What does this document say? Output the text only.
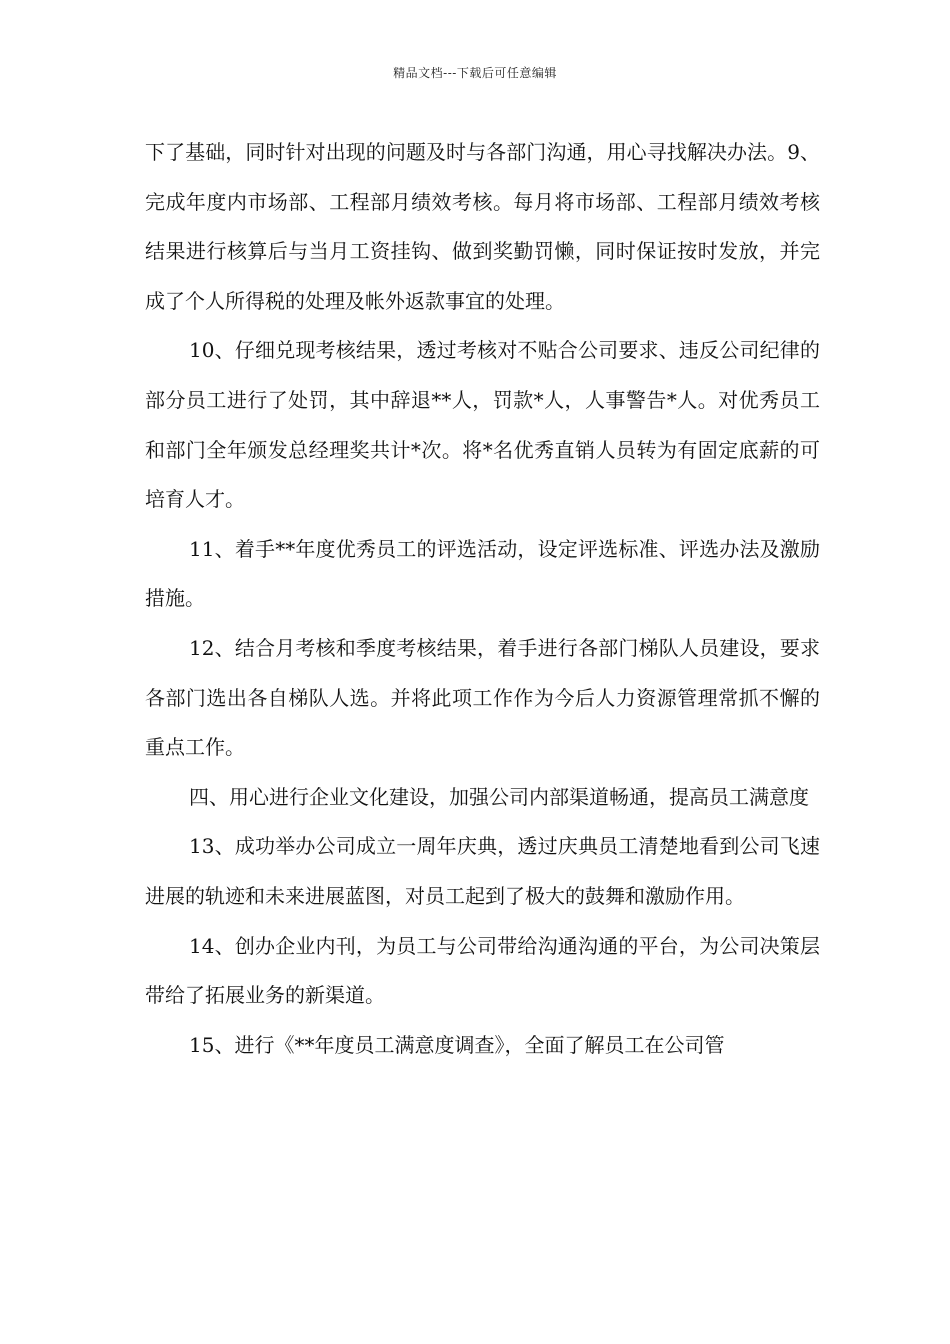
精品文档---下载后可任意编辑

下了基础，同时针对出现的问题及时与各部门沟通，用心寻找解决办法。9、完成年度内市场部、工程部月绩效考核。每月将市场部、工程部月绩效考核结果进行核算后与当月工资挂钩、做到奖勤罚懒，同时保证按时发放，并完成了个人所得税的处理及帐外返款事宜的处理。

10、仔细兑现考核结果，透过考核对不贴合公司要求、违反公司纪律的部分员工进行了处罚，其中辞退**人，罚款*人，人事警告*人。对优秀员工和部门全年颁发总经理奖共计*次。将*名优秀直销人员转为有固定底薪的可培育人才。

11、着手**年度优秀员工的评选活动，设定评选标准、评选办法及激励措施。

12、结合月考核和季度考核结果，着手进行各部门梯队人员建设，要求各部门选出各自梯队人选。并将此项工作作为今后人力资源管理常抓不懈的重点工作。

四、用心进行企业文化建设，加强公司内部渠道畅通，提高员工满意度

13、成功举办公司成立一周年庆典，透过庆典员工清楚地看到公司飞速进展的轨迹和未来进展蓝图，对员工起到了极大的鼓舞和激励作用。

14、创办企业内刊，为员工与公司带给沟通沟通的平台，为公司决策层带给了拓展业务的新渠道。

15、进行《**年度员工满意度调查》，全面了解员工在公司管
